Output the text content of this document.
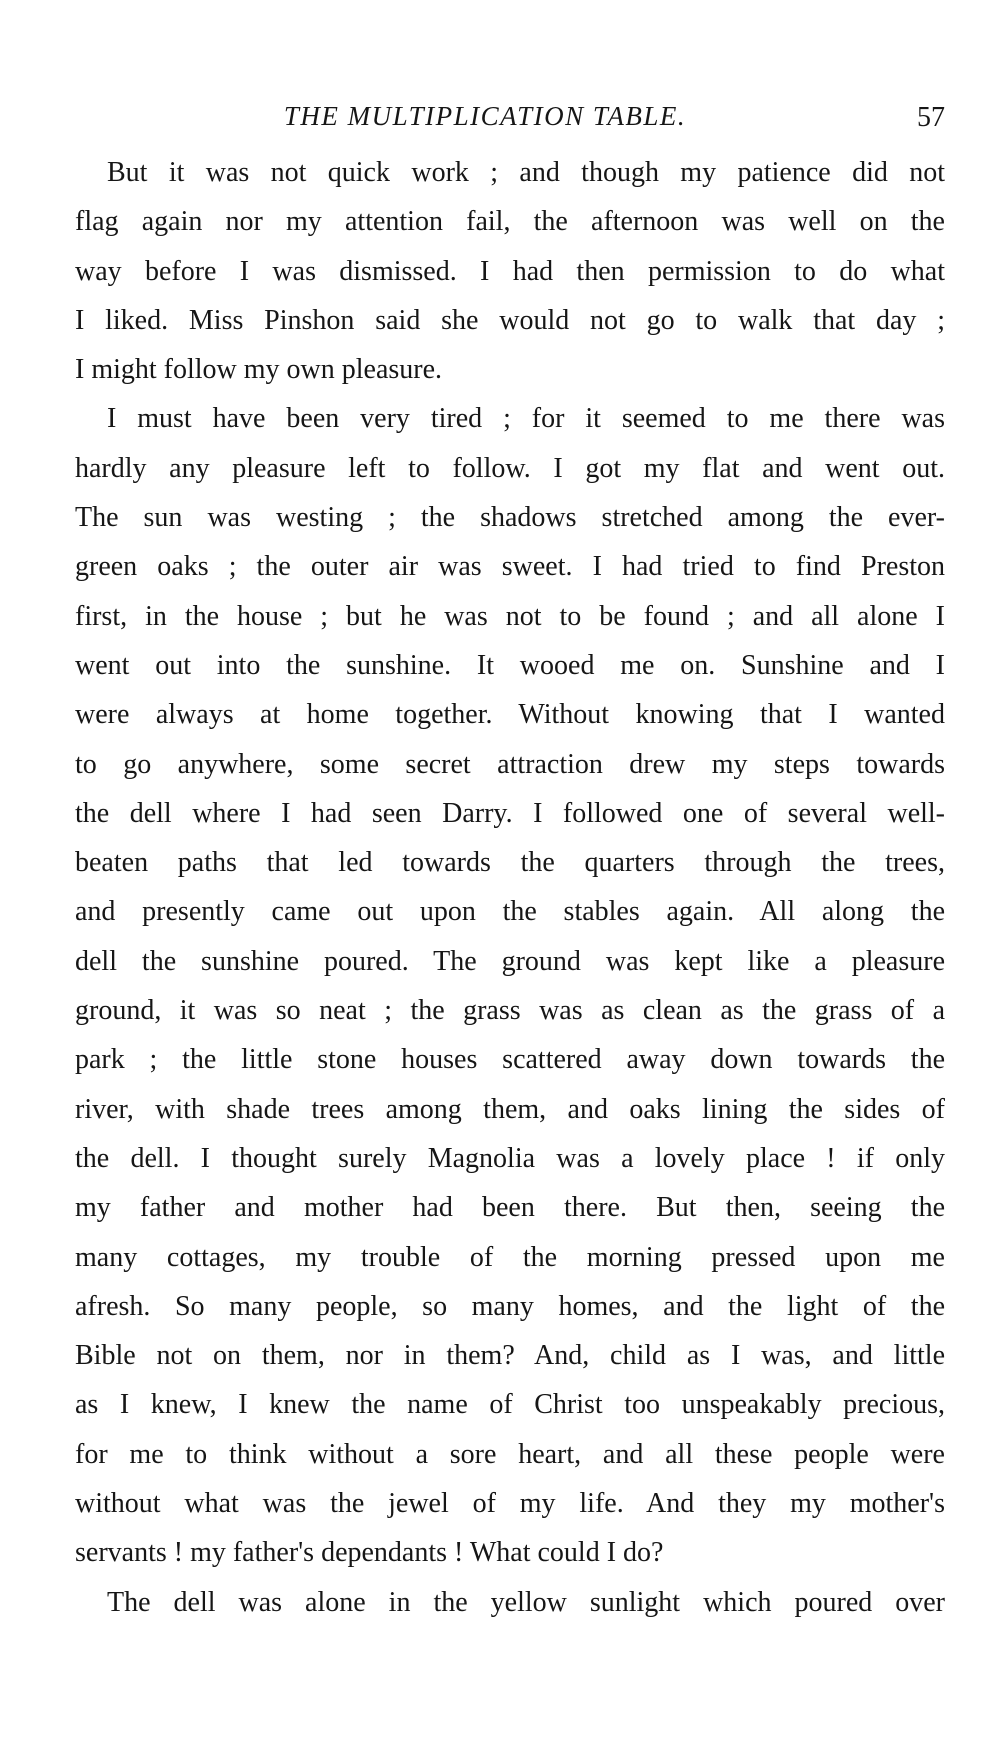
THE MULTIPLICATION TABLE.	57
But it was not quick work ; and though my patience did not
flag again nor my attention fail, the afternoon was well on the
way before I was dismissed. I had then permission to do what
I liked. Miss Pinshon said she would not go to walk that day ;
I might follow my own pleasure.
I must have been very tired ; for it seemed to me there was
hardly any pleasure left to follow. I got my flat and went out.
The sun was westing ; the shadows stretched among the ever-
green oaks ; the outer air was sweet. I had tried to find Preston
first, in the house ; but he was not to be found ; and all alone I
went out into the sunshine. It wooed me on. Sunshine and I
were always at home together. Without knowing that I wanted
to go anywhere, some secret attraction drew my steps towards
the dell where I had seen Darry. I followed one of several well-
beaten paths that led towards the quarters through the trees,
and presently came out upon the stables again. All along the
dell the sunshine poured. The ground was kept like a pleasure
ground, it was so neat ; the grass was as clean as the grass of a
park ; the little stone houses scattered away down towards the
river, with shade trees among them, and oaks lining the sides of
the dell. I thought surely Magnolia was a lovely place ! if only
my father and mother had been there. But then, seeing the
many cottages, my trouble of the morning pressed upon me
afresh. So many people, so many homes, and the light of the
Bible not on them, nor in them? And, child as I was, and little
as I knew, I knew the name of Christ too unspeakably precious,
for me to think without a sore heart, and all these people were
without what was the jewel of my life. And they my mother's
servants ! my father's dependants ! What could I do?
The dell was alone in the yellow sunlight which poured over
